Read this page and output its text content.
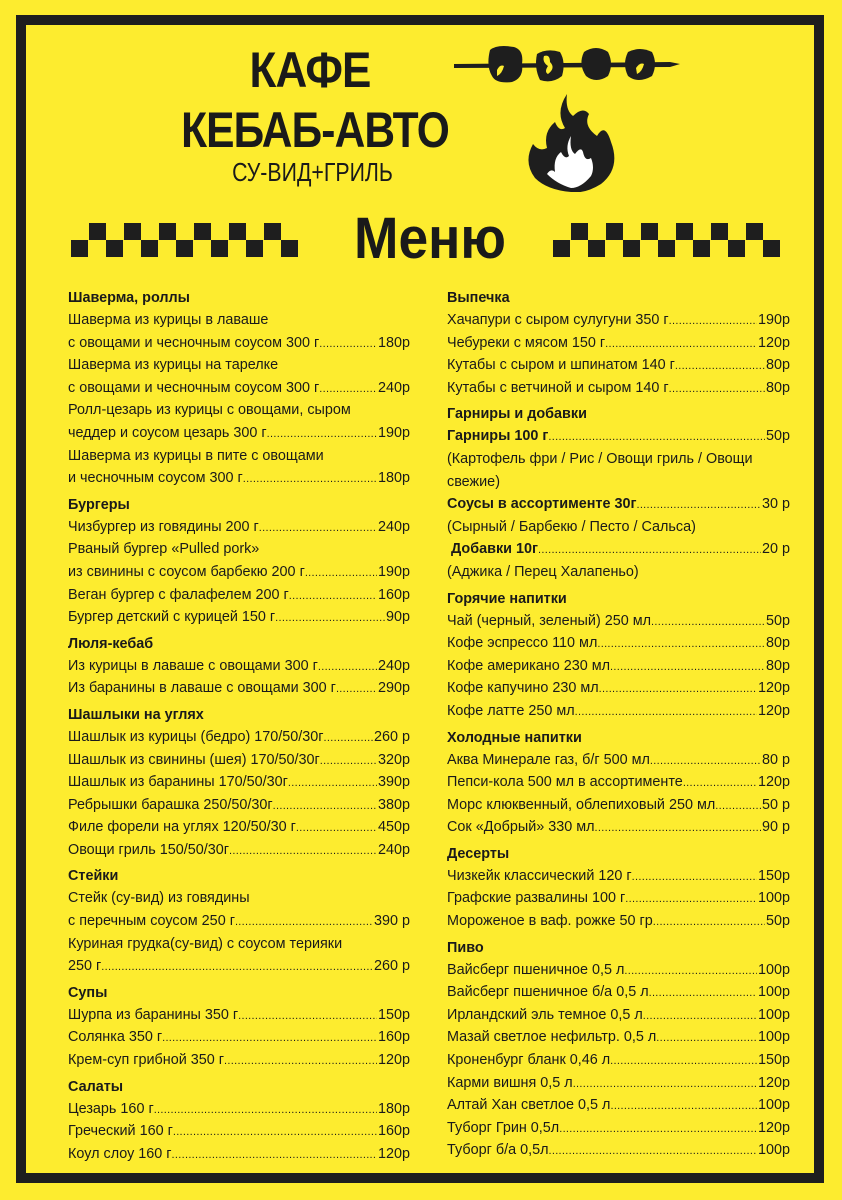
КАФЕ
КЕБАБ-АВТО
СУ-ВИД+ГРИЛЬ
Меню
Шаверма, роллы
Шаверма из курицы в лаваше
с овощами и чесночным соусом 300 г .....	180р
Шаверма из курицы на тарелке
с овощами и чесночным соусом 300 г .....	240р
Ролл-цезарь из курицы с овощами, сыром
чеддер и соусом цезарь 300 г .....	190р
Шаверма из курицы в пите с овощами
и чесночным соусом 300 г .....	180р
Бургеры
Чизбургер из говядины 200 г .....	240р
Рваный бургер «Pulled pork»
из свинины с соусом барбекю 200 г .....	190р
Веган бургер с фалафелем 200 г .....	160р
Бургер детский с курицей 150 г .....	90р
Люля-кебаб
Из курицы в лаваше с овощами 300 г .....	240р
Из баранины в лаваше с овощами 300 г .....	290р
Шашлыки на углях
Шашлык из курицы (бедро) 170/50/30г .....	260 р
Шашлык из свинины (шея) 170/50/30г .....	320р
Шашлык из баранины 170/50/30г .....	390р
Ребрышки барашка 250/50/30г .....	380р
Филе форели на углях 120/50/30 г .....	450р
Овощи гриль 150/50/30г .....	240р
Стейки
Стейк (су-вид) из говядины
с перечным соусом 250 г .....	390 р
Куриная грудка(су-вид) с соусом терияки
250 г .....	260 р
Супы
Шурпа из баранины 350 г .....	150р
Солянка 350 г .....	160р
Крем-суп грибной 350 г .....	120р
Салаты
Цезарь 160 г .....	180р
Греческий 160 г .....	160р
Коул слоу 160 г .....	120р
Выпечка
Хачапури с сыром сулугуни 350 г .....	190р
Чебуреки с мясом 150 г .....	120р
Кутабы с сыром и шпинатом 140 г .....	80р
Кутабы с ветчиной и сыром 140 г .....	80р
Гарниры и добавки
Гарниры 100 г .....	50р
(Картофель фри / Рис / Овощи гриль / Овощи
свежие)
Соусы в ассортименте 30г .....	30 р
(Сырный / Барбекю / Песто / Сальса)
Добавки 10г .....	20 р
(Аджика / Перец Халапеньо)
Горячие напитки
Чай (черный, зеленый) 250 мл .....	50р
Кофе эспрессо 110 мл .....	80р
Кофе американо 230 мл .....	80р
Кофе капучино 230 мл .....	120р
Кофе латте 250 мл .....	120р
Холодные напитки
Аква Минерале газ, б/г 500 мл .....	80 р
Пепси-кола 500 мл в ассортименте .....	120р
Морс клюквенный, облепиховый 250 мл .....	50 р
Сок «Добрый» 330 мл .....	90 р
Десерты
Чизкейк классический 120 г .....	150р
Графские развалины 100 г .....	100р
Мороженое в ваф. рожке 50 гр .....	50р
Пиво
Вайсберг пшеничное 0,5 л .....	100р
Вайсберг пшеничное б/а 0,5 л .....	100р
Ирландский эль темное 0,5 л .....	100р
Мазай светлое нефильтр. 0,5 л .....	100р
Кроненбург бланк 0,46 л .....	150р
Карми вишня 0,5 л .....	120р
Алтай Хан светлое 0,5 л .....	100р
Туборг Грин 0,5л .....	120р
Туборг б/а 0,5л .....	100р
